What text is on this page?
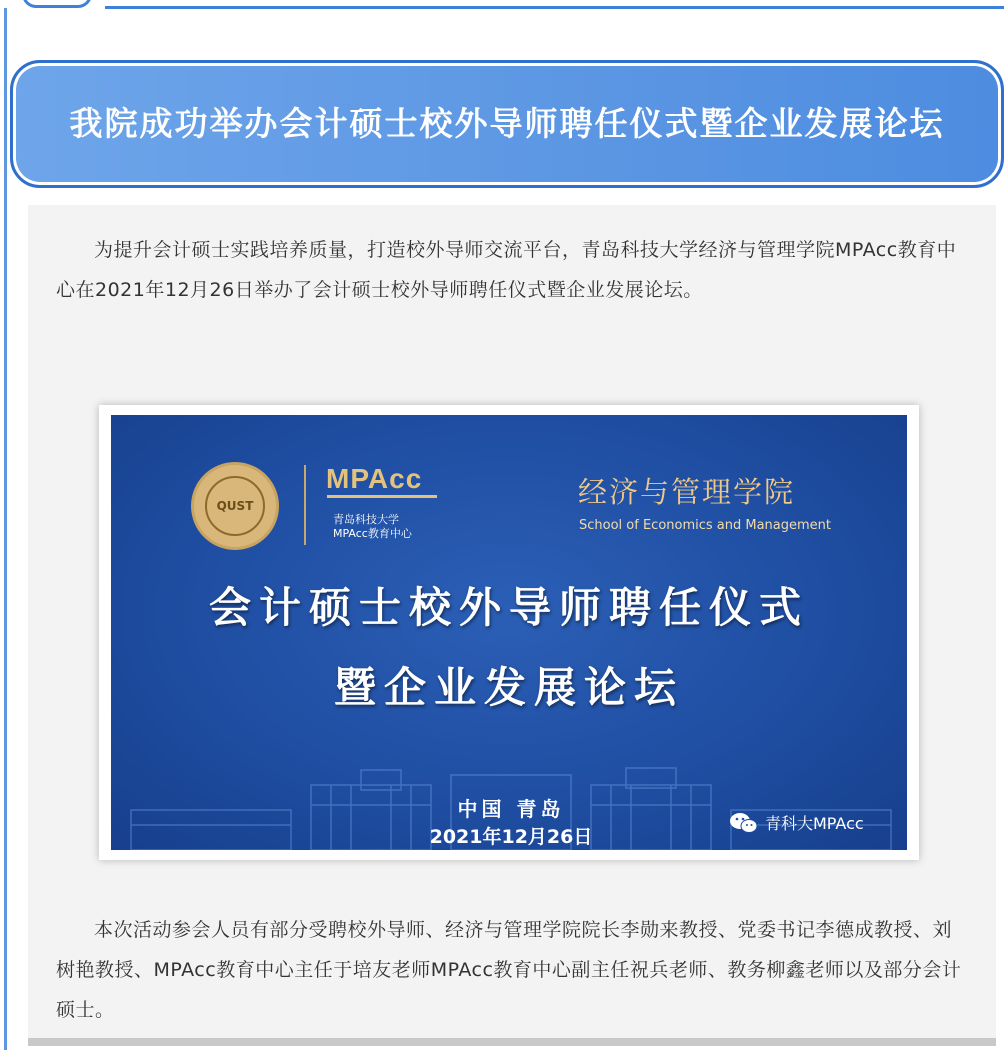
我院成功举办会计硕士校外导师聘任仪式暨企业发展论坛

为提升会计硕士实践培养质量，打造校外导师交流平台，青岛科技大学经济与管理学院MPAcc教育中心在2021年12月26日举办了会计硕士校外导师聘任仪式暨企业发展论坛。

QUST
MPAcc
青岛科技大学
MPAcc教育中心
经济与管理学院
School of Economics and Management
会计硕士校外导师聘任仪式
暨企业发展论坛
中国 青岛
2021年12月26日
青科大MPAcc

本次活动参会人员有部分受聘校外导师、经济与管理学院院长李勋来教授、党委书记李德成教授、刘树艳教授、MPAcc教育中心主任于培友老师MPAcc教育中心副主任祝兵老师、教务柳鑫老师以及部分会计硕士。
